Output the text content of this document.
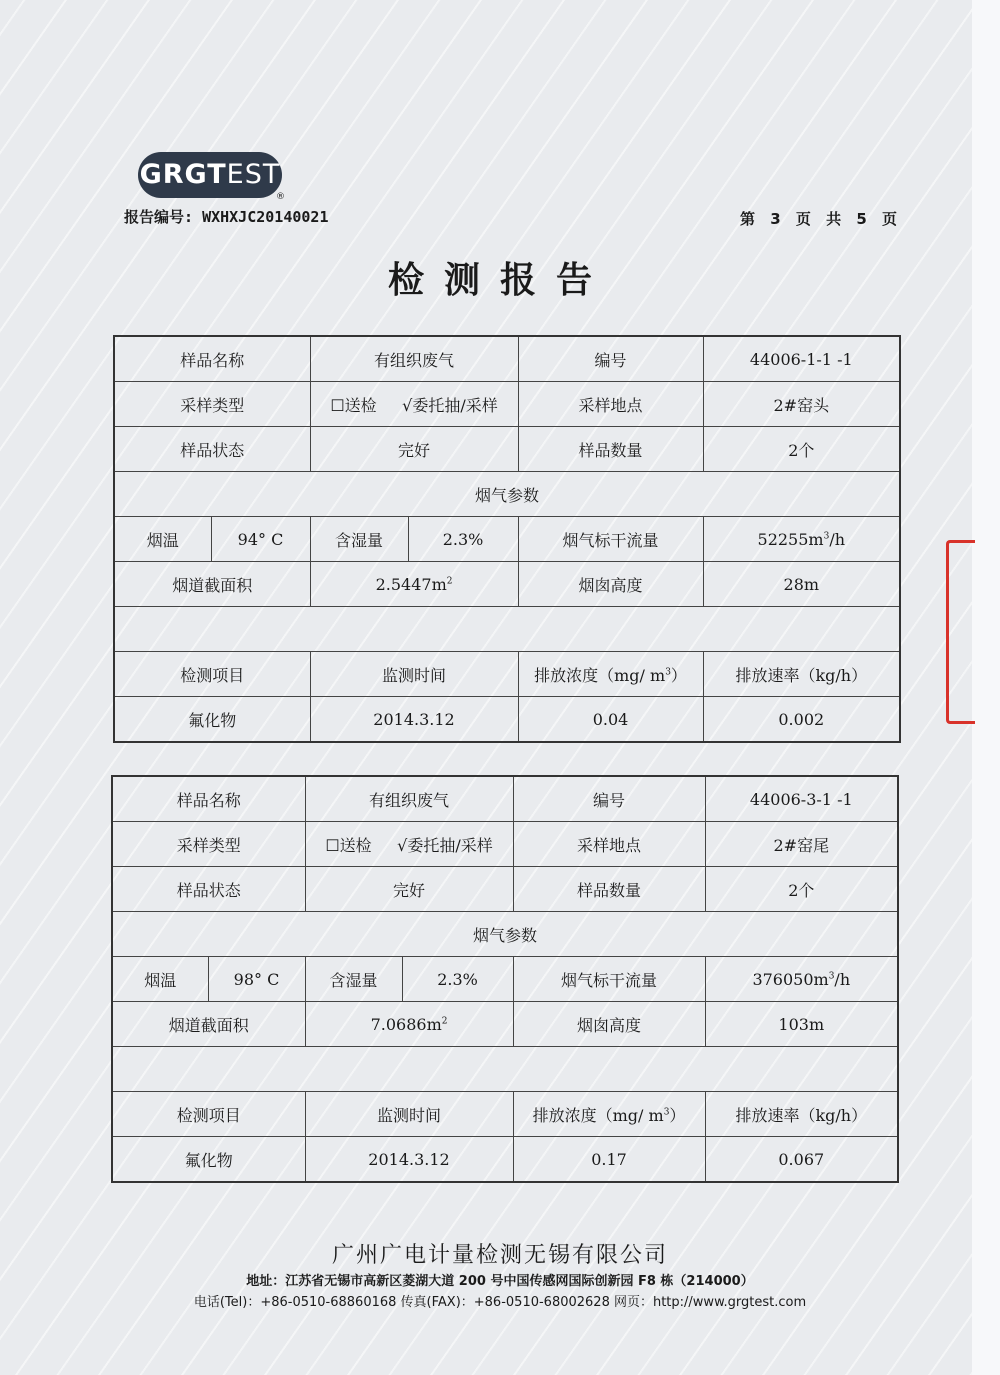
GRGTEST
®
报告编号: WXHXJC20140021	第 3 页 共 5 页
检测报告
样品名称		有组织废气		编号	44006-1-1 -1
采样类型		☐送检 √委托抽/采样		采样地点	2#窑头
样品状态		完好		样品数量	2个
烟气参数					
烟温	94° C	含湿量	2.3%	烟气标干流量	$52255m^3/h$
烟道截面积		$2.5447m^2$		烟囱高度	28m

检测项目		监测时间		排放浓度（mg/ $m^3$）	排放速率（kg/h）
氟化物		2014.3.12		0.04	0.002
样品名称		有组织废气		编号	44006-3-1 -1
采样类型		☐送检 √委托抽/采样		采样地点	2#窑尾
样品状态		完好		样品数量	2个
烟气参数					
烟温	98° C	含湿量	2.3%	烟气标干流量	$376050m^3/h$
烟道截面积		$7.0686m^2$		烟囱高度	103m

检测项目		监测时间		排放浓度（mg/ $m^3$）	排放速率（kg/h）
氟化物		2014.3.12		0.17	0.067
广州广电计量检测无锡有限公司
地址：江苏省无锡市高新区菱湖大道 200 号中国传感网国际创新园 F8 栋（214000）
电话(Tel)：+86-0510-68860168 传真(FAX)：+86-0510-68002628 网页：http://www.grgtest.com
